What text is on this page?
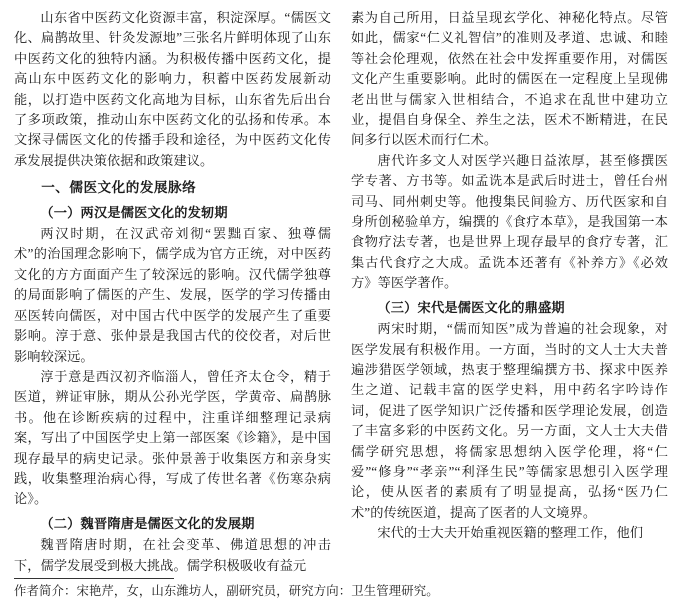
山东省中医药文化资源丰富，积淀深厚。“儒医文化、扁鹊故里、针灸发源地”三张名片鲜明体现了山东中医药文化的独特内涵。为积极传播中医药文化，提高山东中医药文化的影响力，积蓄中医药发展新动能，以打造中医药文化高地为目标，山东省先后出台了多项政策，推动山东中医药文化的弘扬和传承。本文探寻儒医文化的传播手段和途径，为中医药文化传承发展提供决策依据和政策建议。

一、儒医文化的发展脉络
（一）两汉是儒医文化的发轫期

两汉时期，在汉武帝刘彻“罢黜百家、独尊儒术”的治国理念影响下，儒学成为官方正统，对中医药文化的方方面面产生了较深远的影响。汉代儒学独尊的局面影响了儒医的产生、发展，医学的学习传播由巫医转向儒医，对中国古代中医学的发展产生了重要影响。淳于意、张仲景是我国古代的佼佼者，对后世影响较深远。

淳于意是西汉初齐临淄人，曾任齐太仓令，精于医道，辨证审脉，期从公孙光学医，学黄帝、扁鹊脉书。他在诊断疾病的过程中，注重详细整理记录病案，写出了中国医学史上第一部医案《诊籍》，是中国现存最早的病史记录。张仲景善于收集医方和亲身实践，收集整理治病心得，写成了传世名著《伤寒杂病论》。

（二）魏晋隋唐是儒医文化的发展期

魏晋隋唐时期，在社会变革、佛道思想的冲击下，儒学发展受到极大挑战。儒学积极吸收有益元

素为自己所用，日益呈现玄学化、神秘化特点。尽管如此，儒家“仁义礼智信”的准则及孝道、忠诚、和睦等社会伦理观，依然在社会中发挥重要作用，对儒医文化产生重要影响。此时的儒医在一定程度上呈现佛老出世与儒家入世相结合，不追求在乱世中建功立业，提倡自身保全、养生之法，医术不断精进，在民间多行以医术而行仁术。

唐代许多文人对医学兴趣日益浓厚，甚至修撰医学专著、方书等。如孟诜本是武后时进士，曾任台州司马、同州刺史等。他搜集民间验方、历代医家和自身所创秘验单方，编撰的《食疗本草》，是我国第一本食物疗法专著，也是世界上现存最早的食疗专著，汇集古代食疗之大成。孟诜本还著有《补养方》《必效方》等医学著作。

（三）宋代是儒医文化的鼎盛期

两宋时期，“儒而知医”成为普遍的社会现象，对医学发展有积极作用。一方面，当时的文人士大夫普遍涉猎医学领域，热衷于整理编撰方书、探求中医养生之道、记载丰富的医学史料，用中药名字吟诗作词，促进了医学知识广泛传播和医学理论发展，创造了丰富多彩的中医药文化。另一方面，文人士大夫借儒学研究思想，将儒家思想纳入医学伦理，将“仁爱”“修身”“孝亲”“利泽生民”等儒家思想引入医学理论，使从医者的素质有了明显提高，弘扬“医乃仁术”的传统医道，提高了医者的人文境界。

宋代的士大夫开始重视医籍的整理工作，他们

作者简介：宋艳芹，女，山东潍坊人，副研究员，研究方向：卫生管理研究。
